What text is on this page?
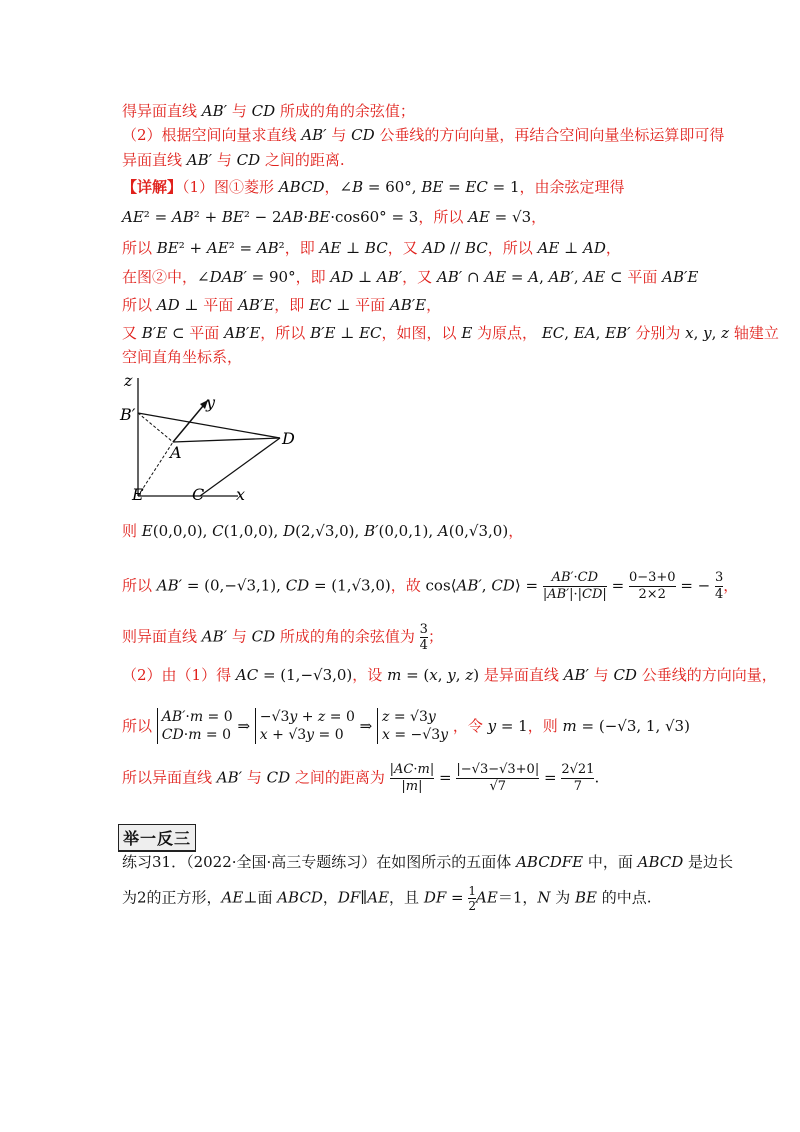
得异面直线 AB′ 与 CD 所成的角的余弦值；
（2）根据空间向量求直线 AB′ 与 CD 公垂线的方向向量，再结合空间向量坐标运算即可得
异面直线 AB′ 与 CD 之间的距离.
【详解】（1）图①菱形 ABCD，∠B = 60°, BE = EC = 1，由余弦定理得
AE² = AB² + BE² − 2AB·BE·cos60° = 3，所以 AE = √3，
所以 BE² + AE² = AB²，即 AE ⊥ BC，又 AD // BC，所以 AE ⊥ AD，
在图②中，∠DAB′ = 90°，即 AD ⊥ AB′，又 AB′ ∩ AE = A, AB′, AE ⊂ 平面 AB′E
所以 AD ⊥ 平面 AB′E，即 EC ⊥ 平面 AB′E，
又 B′E ⊂ 平面 AB′E，所以 B′E ⊥ EC，如图，以 E 为原点， EC, EA, EB′ 分别为 x, y, z 轴建立
空间直角坐标系，
z
y
x
B′
A
D
E	C
则 E(0,0,0), C(1,0,0), D(2,√3,0), B′(0,0,1), A(0,√3,0)，
所以 AB′ = (0,−√3,1), CD = (1,√3,0)，故 cos⟨AB′, CD⟩ = $\frac{AB'\cdot CD}{|AB'|\cdot|CD|} = \frac{0-3+0}{2\times 2}$ = − $\frac{3}{4}$ ，
则异面直线 AB′ 与 CD 所成的角的余弦值为 $\frac{3}{4}$ ；
（2）由（1）得 AC = (1,−√3,0)，设 m = (x, y, z) 是异面直线 AB′ 与 CD 公垂线的方向向量，
所以 AB′·m = 0
CD·m = 0 ⇒ −√3y + z = 0
x + √3y = 0	⇒ z = √3y
x = −√3y ，令 y = 1，则 m = (−√3, 1, √3)
所以异面直线 AB′ 与 CD 之间的距离为 $\frac{|AC\cdot m|}{|m|} = \frac{|-√3-√3+0|}{√7} = \frac{2√21}{7}$ .
举一反三
练习31．（2022·全国·高三专题练习）在如图所示的五面体 ABCDFE 中，面 ABCD 是边长
为2的正方形，AE⊥面 ABCD，DF∥AE，且 DF = $\frac{1}{2} AE=1$，N 为 BE 的中点.
